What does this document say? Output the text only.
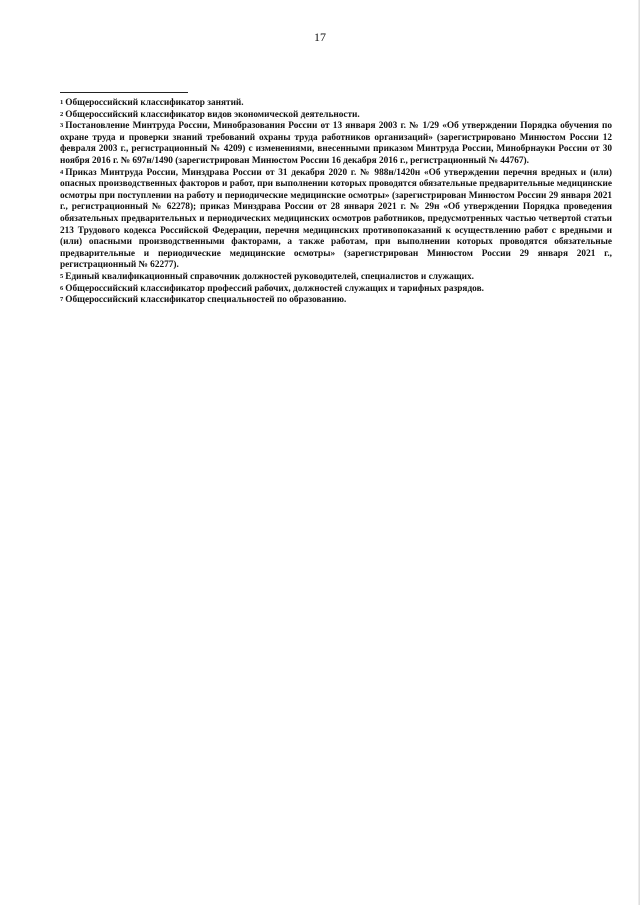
17

$^1$ Общероссийский классификатор занятий.

$^2$ Общероссийский классификатор видов экономической деятельности.

$^3$ Постановление Минтруда России, Минобразования России от 13 января 2003 г. № 1/29 «Об утверждении Порядка обучения по охране труда и проверки знаний требований охраны труда работников организаций» (зарегистрировано Минюстом России 12 февраля 2003 г., регистрационный № 4209) с изменениями, внесенными приказом Минтруда России, Минобрнауки России от 30 ноября 2016 г. № 697н/1490 (зарегистрирован Минюстом России 16 декабря 2016 г., регистрационный № 44767).

$^4$ Приказ Минтруда России, Минздрава России от 31 декабря 2020 г. № 988н/1420н «Об утверждении перечня вредных и (или) опасных производственных факторов и работ, при выполнении которых проводятся обязательные предварительные медицинские осмотры при поступлении на работу и периодические медицинские осмотры» (зарегистрирован Минюстом России 29 января 2021 г., регистрационный № 62278); приказ Минздрава России от 28 января 2021 г. № 29н «Об утверждении Порядка проведения обязательных предварительных и периодических медицинских осмотров работников, предусмотренных частью четвертой статьи 213 Трудового кодекса Российской Федерации, перечня медицинских противопоказаний к осуществлению работ с вредными и (или) опасными производственными факторами, а также работам, при выполнении которых проводятся обязательные предварительные и периодические медицинские осмотры» (зарегистрирован Минюстом России 29 января 2021 г., регистрационный № 62277).

$^5$ Единый квалификационный справочник должностей руководителей, специалистов и служащих.

$^6$ Общероссийский классификатор профессий рабочих, должностей служащих и тарифных разрядов.

$^7$ Общероссийский классификатор специальностей по образованию.
